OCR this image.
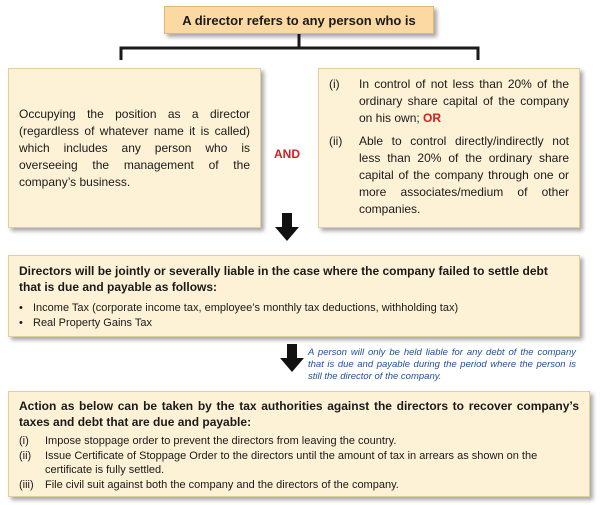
A director refers to any person who is
Occupying the position as a director (regardless of whatever name it is called) which includes any person who is overseeing the management of the company’s business.
AND
(i)	In control of not less than 20% of the ordinary share capital of the company on his own; OR
(ii)	Able to control directly/indirectly not less than 20% of the ordinary share capital of the company through one or more associates/medium of other companies.
Directors will be jointly or severally liable in the case where the company failed to settle debt that is due and payable as follows:
• Income Tax (corporate income tax, employee’s monthly tax deductions, withholding tax)
• Real Property Gains Tax
A person will only be held liable for any debt of the company that is due and payable during the period where the person is still the director of the company.
Action as below can be taken by the tax authorities against the directors to recover company’s taxes and debt that are due and payable:
(i)	Impose stoppage order to prevent the directors from leaving the country.
(ii)	Issue Certificate of Stoppage Order to the directors until the amount of tax in arrears as shown on the certificate is fully settled.
(iii)	File civil suit against both the company and the directors of the company.
